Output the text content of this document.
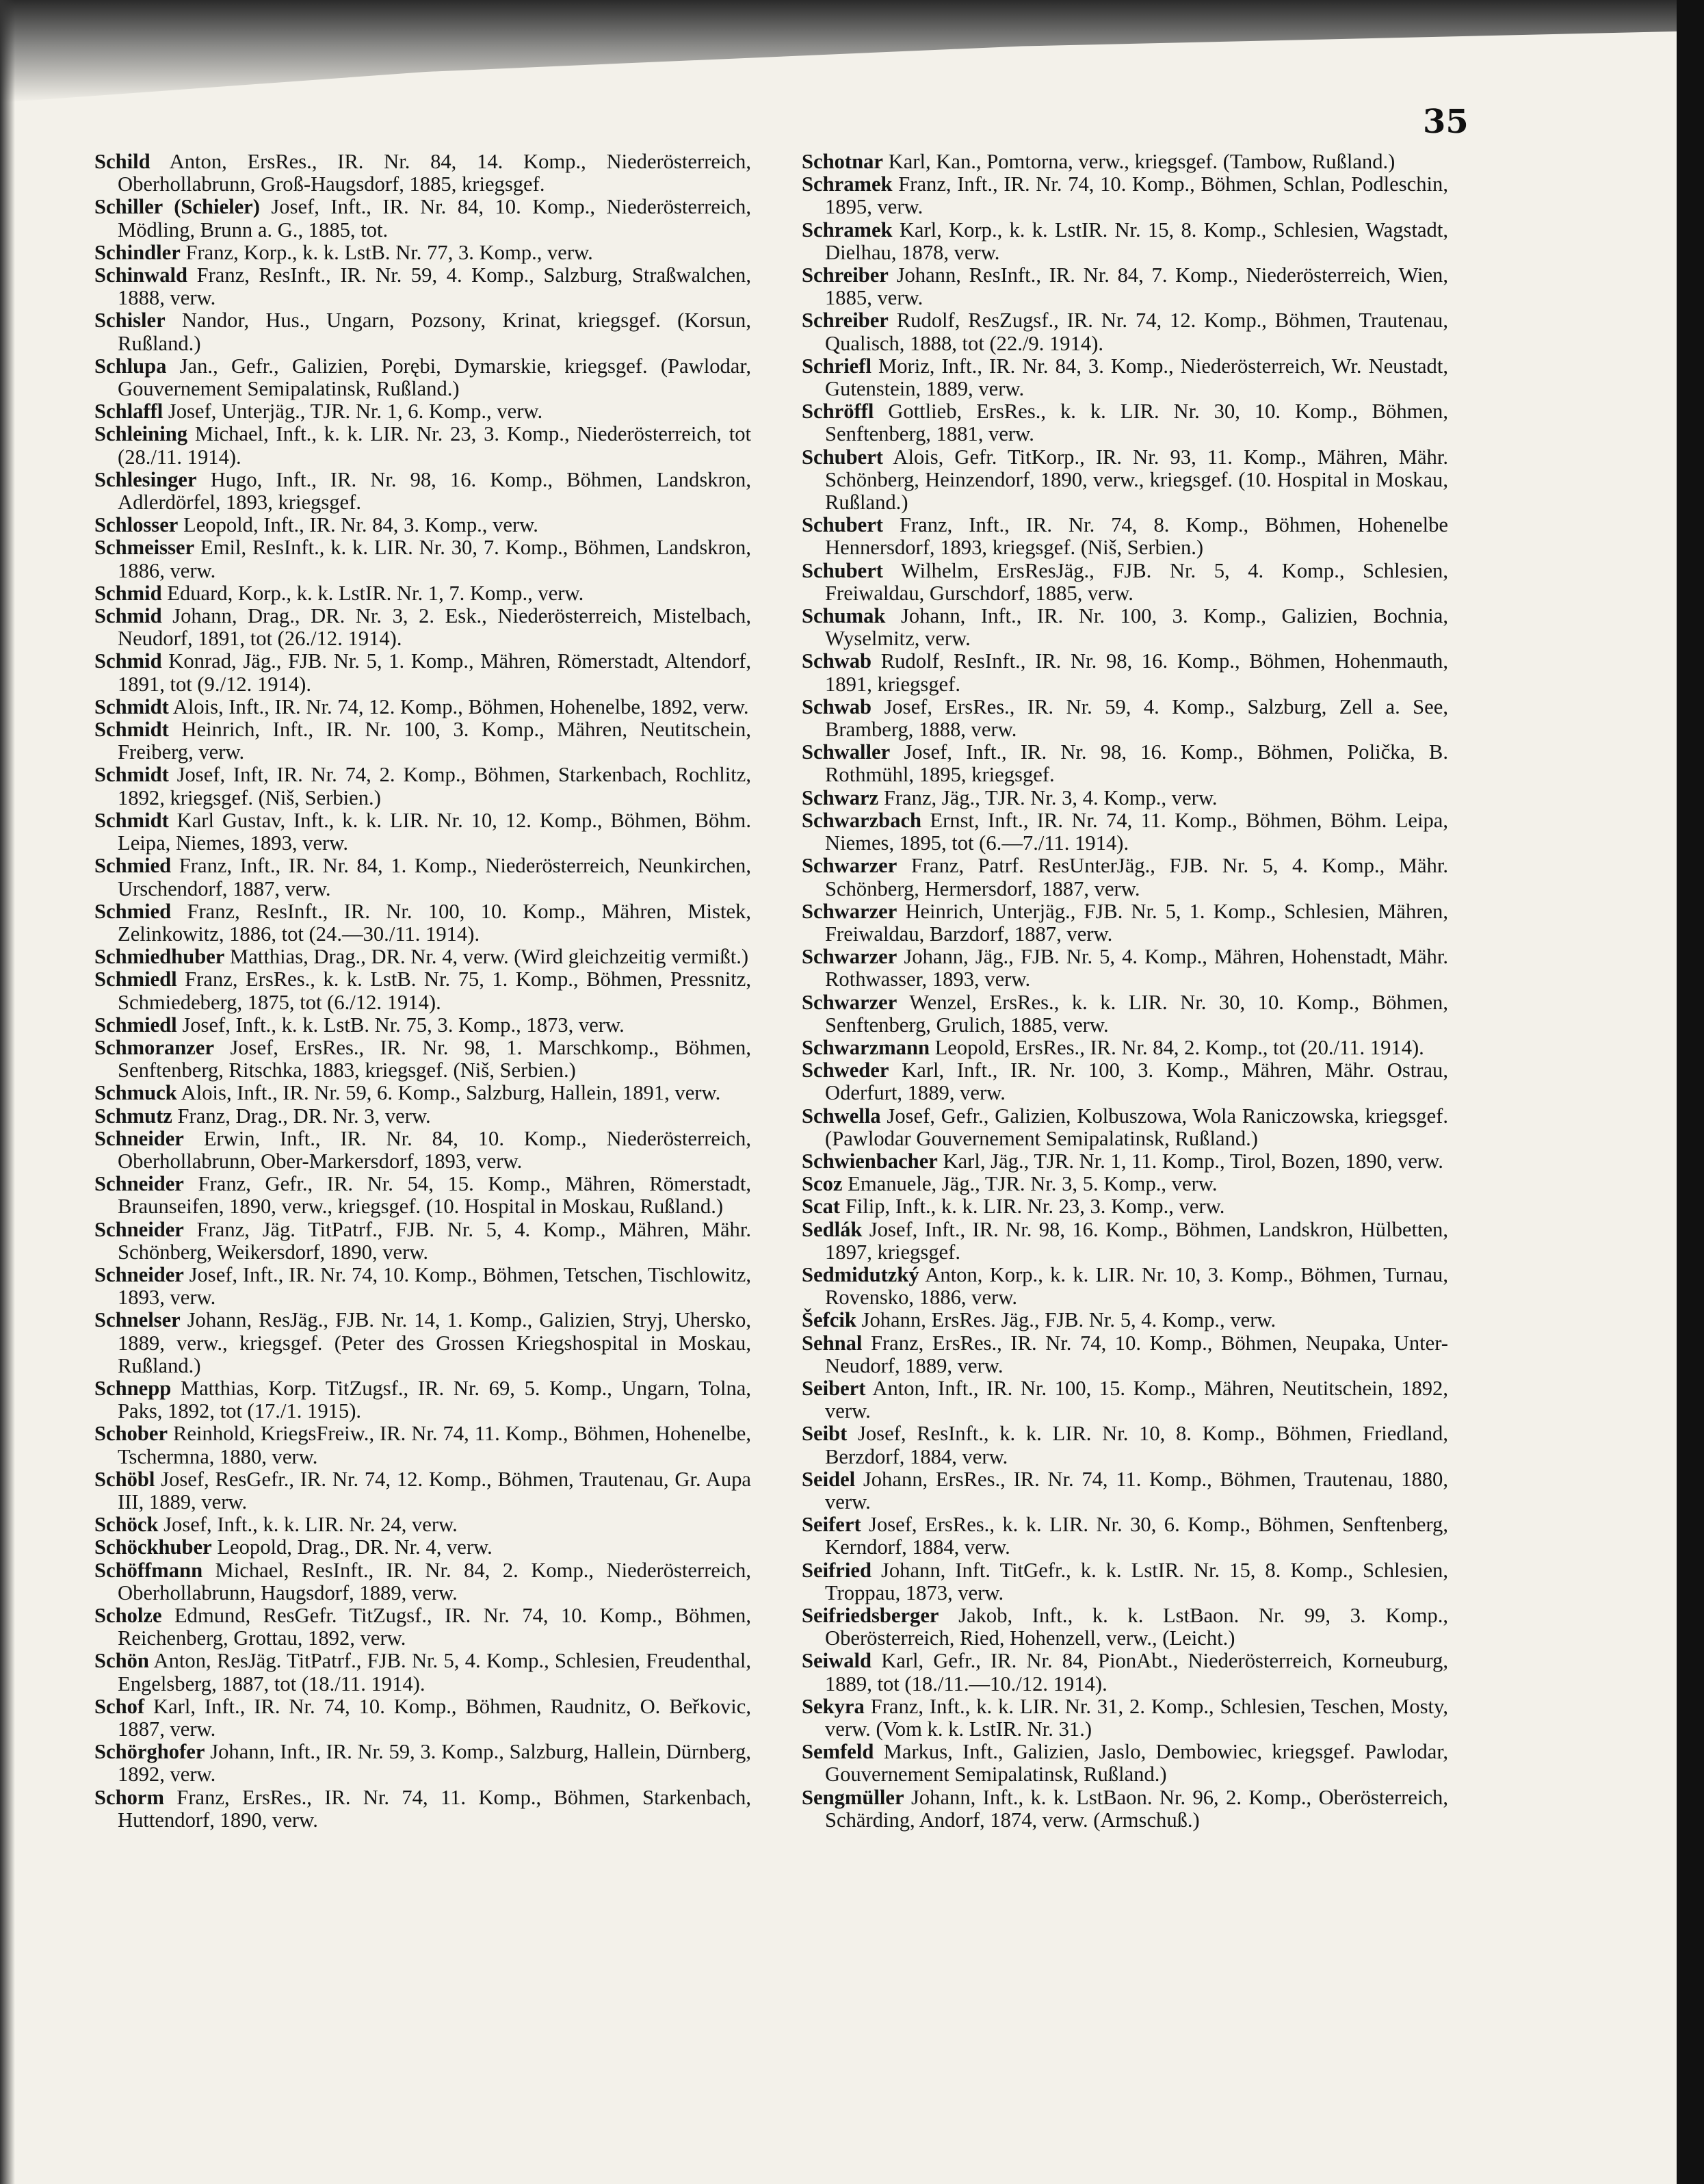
35

Schild Anton, ErsRes., IR. Nr. 84, 14. Komp., Niederösterreich, Oberhollabrunn, Groß-Haugsdorf, 1885, kriegsgef.

Schiller (Schieler) Josef, Inft., IR. Nr. 84, 10. Komp., Niederösterreich, Mödling, Brunn a. G., 1885, tot.

Schindler Franz, Korp., k. k. LstB. Nr. 77, 3. Komp., verw.

Schinwald Franz, ResInft., IR. Nr. 59, 4. Komp., Salzburg, Straßwalchen, 1888, verw.

Schisler Nandor, Hus., Ungarn, Pozsony, Krinat, kriegsgef. (Korsun, Rußland.)

Schlupa Jan., Gefr., Galizien, Porębi, Dymarskie, kriegsgef. (Pawlodar, Gouvernement Semipalatinsk, Rußland.)

Schlaffl Josef, Unterjäg., TJR. Nr. 1, 6. Komp., verw.

Schleining Michael, Inft., k. k. LIR. Nr. 23, 3. Komp., Niederösterreich, tot (28./11. 1914).

Schlesinger Hugo, Inft., IR. Nr. 98, 16. Komp., Böhmen, Landskron, Adlerdörfel, 1893, kriegsgef.

Schlosser Leopold, Inft., IR. Nr. 84, 3. Komp., verw.

Schmeisser Emil, ResInft., k. k. LIR. Nr. 30, 7. Komp., Böhmen, Landskron, 1886, verw.

Schmid Eduard, Korp., k. k. LstIR. Nr. 1, 7. Komp., verw.

Schmid Johann, Drag., DR. Nr. 3, 2. Esk., Niederösterreich, Mistelbach, Neudorf, 1891, tot (26./12. 1914).

Schmid Konrad, Jäg., FJB. Nr. 5, 1. Komp., Mähren, Römerstadt, Altendorf, 1891, tot (9./12. 1914).

Schmidt Alois, Inft., IR. Nr. 74, 12. Komp., Böhmen, Hohenelbe, 1892, verw.

Schmidt Heinrich, Inft., IR. Nr. 100, 3. Komp., Mähren, Neutitschein, Freiberg, verw.

Schmidt Josef, Inft, IR. Nr. 74, 2. Komp., Böhmen, Starkenbach, Rochlitz, 1892, kriegsgef. (Niš, Serbien.)

Schmidt Karl Gustav, Inft., k. k. LIR. Nr. 10, 12. Komp., Böhmen, Böhm. Leipa, Niemes, 1893, verw.

Schmied Franz, Inft., IR. Nr. 84, 1. Komp., Niederösterreich, Neunkirchen, Urschendorf, 1887, verw.

Schmied Franz, ResInft., IR. Nr. 100, 10. Komp., Mähren, Mistek, Zelinkowitz, 1886, tot (24.—30./11. 1914).

Schmiedhuber Matthias, Drag., DR. Nr. 4, verw. (Wird gleichzeitig vermißt.)

Schmiedl Franz, ErsRes., k. k. LstB. Nr. 75, 1. Komp., Böhmen, Pressnitz, Schmiedeberg, 1875, tot (6./12. 1914).

Schmiedl Josef, Inft., k. k. LstB. Nr. 75, 3. Komp., 1873, verw.

Schmoranzer Josef, ErsRes., IR. Nr. 98, 1. Marschkomp., Böhmen, Senftenberg, Ritschka, 1883, kriegsgef. (Niš, Serbien.)

Schmuck Alois, Inft., IR. Nr. 59, 6. Komp., Salzburg, Hallein, 1891, verw.

Schmutz Franz, Drag., DR. Nr. 3, verw.

Schneider Erwin, Inft., IR. Nr. 84, 10. Komp., Niederösterreich, Oberhollabrunn, Ober-Markersdorf, 1893, verw.

Schneider Franz, Gefr., IR. Nr. 54, 15. Komp., Mähren, Römerstadt, Braunseifen, 1890, verw., kriegsgef. (10. Hospital in Moskau, Rußland.)

Schneider Franz, Jäg. TitPatrf., FJB. Nr. 5, 4. Komp., Mähren, Mähr. Schönberg, Weikersdorf, 1890, verw.

Schneider Josef, Inft., IR. Nr. 74, 10. Komp., Böhmen, Tetschen, Tischlowitz, 1893, verw.

Schnelser Johann, ResJäg., FJB. Nr. 14, 1. Komp., Galizien, Stryj, Uhersko, 1889, verw., kriegsgef. (Peter des Grossen Kriegshospital in Moskau, Rußland.)

Schnepp Matthias, Korp. TitZugsf., IR. Nr. 69, 5. Komp., Ungarn, Tolna, Paks, 1892, tot (17./1. 1915).

Schober Reinhold, KriegsFreiw., IR. Nr. 74, 11. Komp., Böhmen, Hohenelbe, Tschermna, 1880, verw.

Schöbl Josef, ResGefr., IR. Nr. 74, 12. Komp., Böhmen, Trautenau, Gr. Aupa III, 1889, verw.

Schöck Josef, Inft., k. k. LIR. Nr. 24, verw.

Schöckhuber Leopold, Drag., DR. Nr. 4, verw.

Schöffmann Michael, ResInft., IR. Nr. 84, 2. Komp., Niederösterreich, Oberhollabrunn, Haugsdorf, 1889, verw.

Scholze Edmund, ResGefr. TitZugsf., IR. Nr. 74, 10. Komp., Böhmen, Reichenberg, Grottau, 1892, verw.

Schön Anton, ResJäg. TitPatrf., FJB. Nr. 5, 4. Komp., Schlesien, Freudenthal, Engelsberg, 1887, tot (18./11. 1914).

Schof Karl, Inft., IR. Nr. 74, 10. Komp., Böhmen, Raudnitz, O. Beřkovic, 1887, verw.

Schörghofer Johann, Inft., IR. Nr. 59, 3. Komp., Salzburg, Hallein, Dürnberg, 1892, verw.

Schorm Franz, ErsRes., IR. Nr. 74, 11. Komp., Böhmen, Starkenbach, Huttendorf, 1890, verw.

Schotnar Karl, Kan., Pomtorna, verw., kriegsgef. (Tambow, Rußland.)

Schramek Franz, Inft., IR. Nr. 74, 10. Komp., Böhmen, Schlan, Podleschin, 1895, verw.

Schramek Karl, Korp., k. k. LstIR. Nr. 15, 8. Komp., Schlesien, Wagstadt, Dielhau, 1878, verw.

Schreiber Johann, ResInft., IR. Nr. 84, 7. Komp., Niederösterreich, Wien, 1885, verw.

Schreiber Rudolf, ResZugsf., IR. Nr. 74, 12. Komp., Böhmen, Trautenau, Qualisch, 1888, tot (22./9. 1914).

Schriefl Moriz, Inft., IR. Nr. 84, 3. Komp., Niederösterreich, Wr. Neustadt, Gutenstein, 1889, verw.

Schröffl Gottlieb, ErsRes., k. k. LIR. Nr. 30, 10. Komp., Böhmen, Senftenberg, 1881, verw.

Schubert Alois, Gefr. TitKorp., IR. Nr. 93, 11. Komp., Mähren, Mähr. Schönberg, Heinzendorf, 1890, verw., kriegsgef. (10. Hospital in Moskau, Rußland.)

Schubert Franz, Inft., IR. Nr. 74, 8. Komp., Böhmen, Hohenelbe Hennersdorf, 1893, kriegsgef. (Niš, Serbien.)

Schubert Wilhelm, ErsResJäg., FJB. Nr. 5, 4. Komp., Schlesien, Freiwaldau, Gurschdorf, 1885, verw.

Schumak Johann, Inft., IR. Nr. 100, 3. Komp., Galizien, Bochnia, Wyselmitz, verw.

Schwab Rudolf, ResInft., IR. Nr. 98, 16. Komp., Böhmen, Hohenmauth, 1891, kriegsgef.

Schwab Josef, ErsRes., IR. Nr. 59, 4. Komp., Salzburg, Zell a. See, Bramberg, 1888, verw.

Schwaller Josef, Inft., IR. Nr. 98, 16. Komp., Böhmen, Polička, B. Rothmühl, 1895, kriegsgef.

Schwarz Franz, Jäg., TJR. Nr. 3, 4. Komp., verw.

Schwarzbach Ernst, Inft., IR. Nr. 74, 11. Komp., Böhmen, Böhm. Leipa, Niemes, 1895, tot (6.—7./11. 1914).

Schwarzer Franz, Patrf. ResUnterJäg., FJB. Nr. 5, 4. Komp., Mähr. Schönberg, Hermersdorf, 1887, verw.

Schwarzer Heinrich, Unterjäg., FJB. Nr. 5, 1. Komp., Schlesien, Mähren, Freiwaldau, Barzdorf, 1887, verw.

Schwarzer Johann, Jäg., FJB. Nr. 5, 4. Komp., Mähren, Hohenstadt, Mähr. Rothwasser, 1893, verw.

Schwarzer Wenzel, ErsRes., k. k. LIR. Nr. 30, 10. Komp., Böhmen, Senftenberg, Grulich, 1885, verw.

Schwarzmann Leopold, ErsRes., IR. Nr. 84, 2. Komp., tot (20./11. 1914).

Schweder Karl, Inft., IR. Nr. 100, 3. Komp., Mähren, Mähr. Ostrau, Oderfurt, 1889, verw.

Schwella Josef, Gefr., Galizien, Kolbuszowa, Wola Raniczowska, kriegsgef. (Pawlodar Gouvernement Semipalatinsk, Rußland.)

Schwienbacher Karl, Jäg., TJR. Nr. 1, 11. Komp., Tirol, Bozen, 1890, verw.

Scoz Emanuele, Jäg., TJR. Nr. 3, 5. Komp., verw.

Scat Filip, Inft., k. k. LIR. Nr. 23, 3. Komp., verw.

Sedlák Josef, Inft., IR. Nr. 98, 16. Komp., Böhmen, Landskron, Hülbetten, 1897, kriegsgef.

Sedmidutzký Anton, Korp., k. k. LIR. Nr. 10, 3. Komp., Böhmen, Turnau, Rovensko, 1886, verw.

Šefcik Johann, ErsRes. Jäg., FJB. Nr. 5, 4. Komp., verw.

Sehnal Franz, ErsRes., IR. Nr. 74, 10. Komp., Böhmen, Neupaka, Unter-Neudorf, 1889, verw.

Seibert Anton, Inft., IR. Nr. 100, 15. Komp., Mähren, Neutitschein, 1892, verw.

Seibt Josef, ResInft., k. k. LIR. Nr. 10, 8. Komp., Böhmen, Friedland, Berzdorf, 1884, verw.

Seidel Johann, ErsRes., IR. Nr. 74, 11. Komp., Böhmen, Trautenau, 1880, verw.

Seifert Josef, ErsRes., k. k. LIR. Nr. 30, 6. Komp., Böhmen, Senftenberg, Kerndorf, 1884, verw.

Seifried Johann, Inft. TitGefr., k. k. LstIR. Nr. 15, 8. Komp., Schlesien, Troppau, 1873, verw.

Seifriedsberger Jakob, Inft., k. k. LstBaon. Nr. 99, 3. Komp., Oberösterreich, Ried, Hohenzell, verw., (Leicht.)

Seiwald Karl, Gefr., IR. Nr. 84, PionAbt., Niederösterreich, Korneuburg, 1889, tot (18./11.—10./12. 1914).

Sekyra Franz, Inft., k. k. LIR. Nr. 31, 2. Komp., Schlesien, Teschen, Mosty, verw. (Vom k. k. LstIR. Nr. 31.)

Semfeld Markus, Inft., Galizien, Jaslo, Dembowiec, kriegsgef. Pawlodar, Gouvernement Semipalatinsk, Rußland.)

Sengmüller Johann, Inft., k. k. LstBaon. Nr. 96, 2. Komp., Oberösterreich, Schärding, Andorf, 1874, verw. (Armschuß.)
